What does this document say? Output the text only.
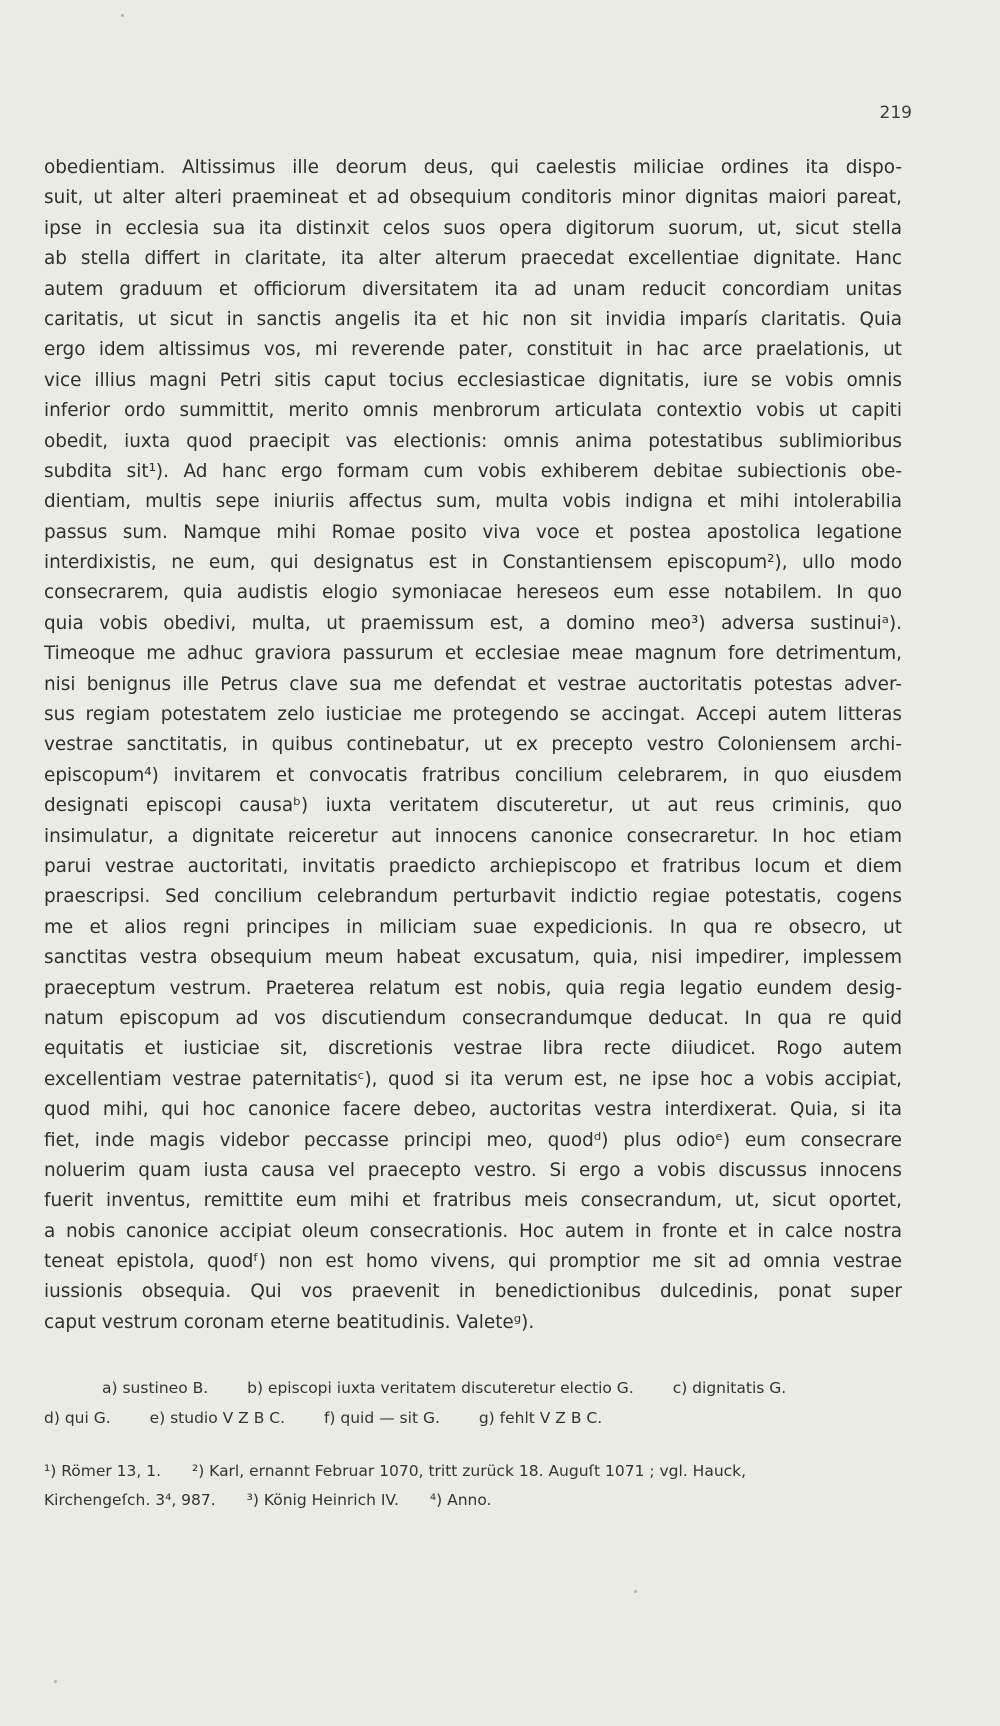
219
obedientiam. Altissimus ille deorum deus, qui caelestis miliciae ordines ita dispo-
suit, ut alter alteri praemineat et ad obsequium conditoris minor dignitas maiori pareat,
ipse in ecclesia sua ita distinxit celos suos opera digitorum suorum, ut, sicut stella
ab stella differt in claritate, ita alter alterum praecedat excellentiae dignitate. Hanc
autem graduum et officiorum diversitatem ita ad unam reducit concordiam unitas
caritatis, ut sicut in sanctis angelis ita et hic non sit invidia imparís claritatis. Quia
ergo idem altissimus vos, mi reverende pater, constituit in hac arce praelationis, ut
vice illius magni Petri sitis caput tocius ecclesiasticae dignitatis, iure se vobis omnis
inferior ordo summittit, merito omnis menbrorum articulata contextio vobis ut capiti
obedit, iuxta quod praecipit vas electionis: omnis anima potestatibus sublimioribus
subdita sit¹). Ad hanc ergo formam cum vobis exhiberem debitae subiectionis obe-
dientiam, multis sepe iniuriis affectus sum, multa vobis indigna et mihi intolerabilia
passus sum. Namque mihi Romae posito viva voce et postea apostolica legatione
interdixistis, ne eum, qui designatus est in Constantiensem episcopum²), ullo modo
consecrarem, quia audistis elogio symoniacae hereseos eum esse notabilem. In quo
quia vobis obedivi, multa, ut praemissum est, a domino meo³) adversa sustinuiᵃ).
Timeoque me adhuc graviora passurum et ecclesiae meae magnum fore detrimentum,
nisi benignus ille Petrus clave sua me defendat et vestrae auctoritatis potestas adver-
sus regiam potestatem zelo iusticiae me protegendo se accingat. Accepi autem litteras
vestrae sanctitatis, in quibus continebatur, ut ex precepto vestro Coloniensem archi-
episcopum⁴) invitarem et convocatis fratribus concilium celebrarem, in quo eiusdem
designati episcopi causaᵇ) iuxta veritatem discuteretur, ut aut reus criminis, quo
insimulatur, a dignitate reiceretur aut innocens canonice consecraretur. In hoc etiam
parui vestrae auctoritati, invitatis praedicto archiepiscopo et fratribus locum et diem
praescripsi. Sed concilium celebrandum perturbavit indictio regiae potestatis, cogens
me et alios regni principes in miliciam suae expedicionis. In qua re obsecro, ut
sanctitas vestra obsequium meum habeat excusatum, quia, nisi impedirer, implessem
praeceptum vestrum. Praeterea relatum est nobis, quia regia legatio eundem desig-
natum episcopum ad vos discutiendum consecrandumque deducat. In qua re quid
equitatis et iusticiae sit, discretionis vestrae libra recte diiudicet. Rogo autem
excellentiam vestrae paternitatisᶜ), quod si ita verum est, ne ipse hoc a vobis accipiat,
quod mihi, qui hoc canonice facere debeo, auctoritas vestra interdixerat. Quia, si ita
fiet, inde magis videbor peccasse principi meo, quodᵈ) plus odioᵉ) eum consecrare
noluerim quam iusta causa vel praecepto vestro. Si ergo a vobis discussus innocens
fuerit inventus, remittite eum mihi et fratribus meis consecrandum, ut, sicut oportet,
a nobis canonice accipiat oleum consecrationis. Hoc autem in fronte et in calce nostra
teneat epistola, quodᶠ) non est homo vivens, qui promptior me sit ad omnia vestrae
iussionis obsequia. Qui vos praevenit in benedictionibus dulcedinis, ponat super
caput vestrum coronam eterne beatitudinis. Valeteᵍ).
a) sustineo B.	b) episcopi iuxta veritatem discuteretur electio G.	c) dignitatis G.
d) qui G.	e) studio V Z B C.	f) quid — sit G.	g) fehlt V Z B C.
¹) Römer 13, 1. ²) Karl, ernannt Februar 1070, tritt zurück 18. Auguſt 1071 ; vgl. Hauck,
Kirchengeſch. 3⁴, 987. ³) König Heinrich IV. ⁴) Anno.
